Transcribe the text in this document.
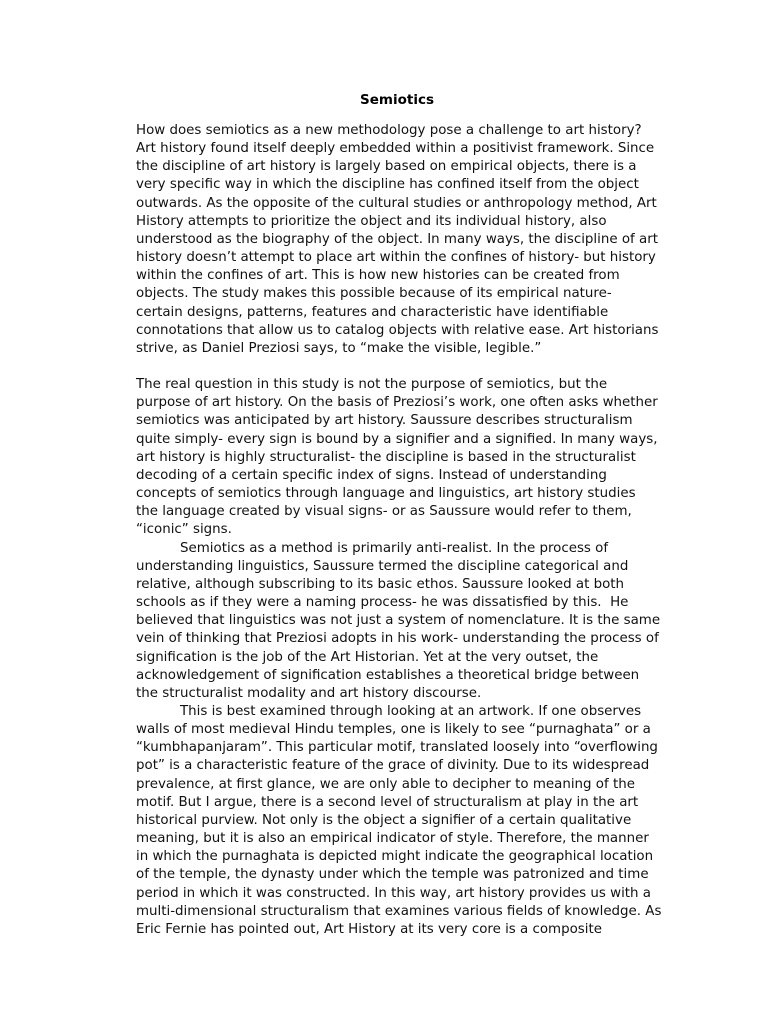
Semiotics
How does semiotics as a new methodology pose a challenge to art history?
Art history found itself deeply embedded within a positivist framework. Since
the discipline of art history is largely based on empirical objects, there is a
very specific way in which the discipline has confined itself from the object
outwards. As the opposite of the cultural studies or anthropology method, Art
History attempts to prioritize the object and its individual history, also
understood as the biography of the object. In many ways, the discipline of art
history doesn’t attempt to place art within the confines of history- but history
within the confines of art. This is how new histories can be created from
objects. The study makes this possible because of its empirical nature-
certain designs, patterns, features and characteristic have identifiable
connotations that allow us to catalog objects with relative ease. Art historians
strive, as Daniel Preziosi says, to “make the visible, legible.”
The real question in this study is not the purpose of semiotics, but the
purpose of art history. On the basis of Preziosi’s work, one often asks whether
semiotics was anticipated by art history. Saussure describes structuralism
quite simply- every sign is bound by a signifier and a signified. In many ways,
art history is highly structuralist- the discipline is based in the structuralist
decoding of a certain specific index of signs. Instead of understanding
concepts of semiotics through language and linguistics, art history studies
the language created by visual signs- or as Saussure would refer to them,
“iconic” signs.
Semiotics as a method is primarily anti-realist. In the process of
understanding linguistics, Saussure termed the discipline categorical and
relative, although subscribing to its basic ethos. Saussure looked at both
schools as if they were a naming process- he was dissatisfied by this.  He
believed that linguistics was not just a system of nomenclature. It is the same
vein of thinking that Preziosi adopts in his work- understanding the process of
signification is the job of the Art Historian. Yet at the very outset, the
acknowledgement of signification establishes a theoretical bridge between
the structuralist modality and art history discourse.
This is best examined through looking at an artwork. If one observes
walls of most medieval Hindu temples, one is likely to see “purnaghata” or a
“kumbhapanjaram”. This particular motif, translated loosely into “overflowing
pot” is a characteristic feature of the grace of divinity. Due to its widespread
prevalence, at first glance, we are only able to decipher to meaning of the
motif. But I argue, there is a second level of structuralism at play in the art
historical purview. Not only is the object a signifier of a certain qualitative
meaning, but it is also an empirical indicator of style. Therefore, the manner
in which the purnaghata is depicted might indicate the geographical location
of the temple, the dynasty under which the temple was patronized and time
period in which it was constructed. In this way, art history provides us with a
multi-dimensional structuralism that examines various fields of knowledge. As
Eric Fernie has pointed out, Art History at its very core is a composite
